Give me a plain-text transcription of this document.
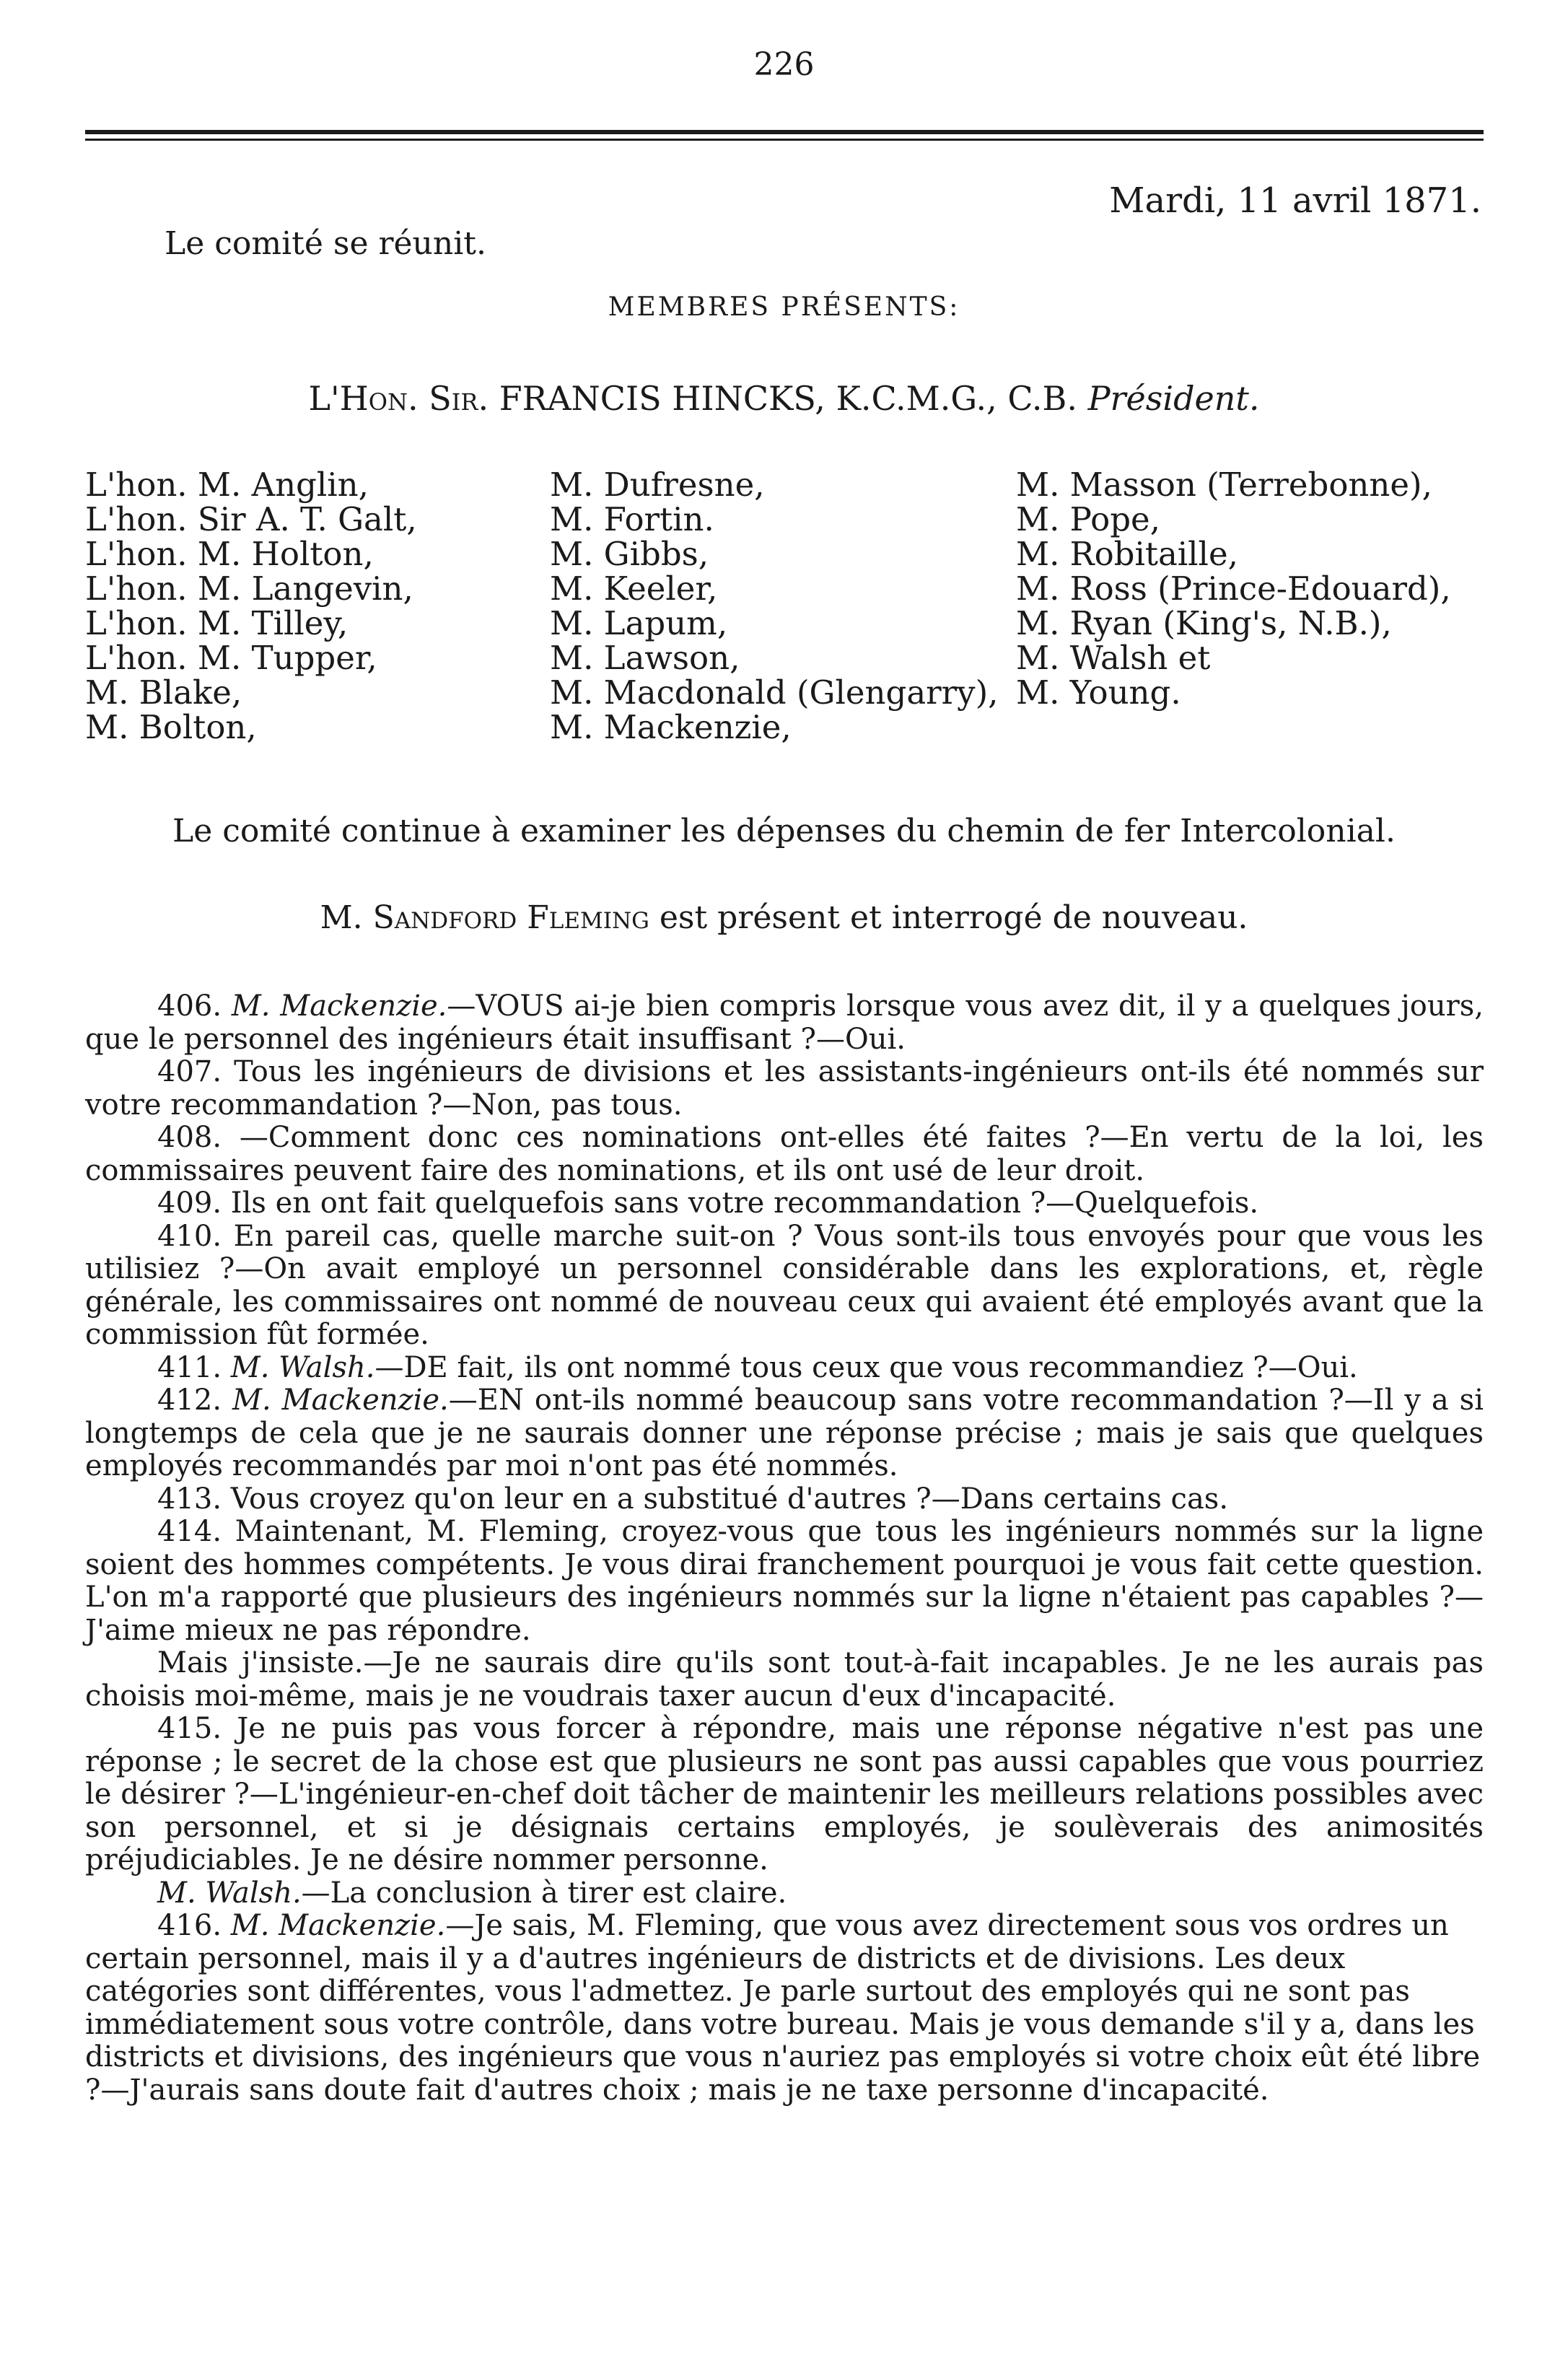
226
Mardi, 11 avril 1871.
Le comité se réunit.
MEMBRES PRÉSENTS:
L'Hon. Sir. FRANCIS HINCKS, K.C.M.G., C.B. Président.
L'hon. M. Anglin,
L'hon. Sir A. T. Galt,
L'hon. M. Holton,
L'hon. M. Langevin,
L'hon. M. Tilley,
L'hon. M. Tupper,
M. Blake,
M. Bolton,
M. Dufresne,
M. Fortin.
M. Gibbs,
M. Keeler,
M. Lapum,
M. Lawson,
M. Macdonald (Glengarry),
M. Mackenzie,
M. Masson (Terrebonne),
M. Pope,
M. Robitaille,
M. Ross (Prince-Edouard),
M. Ryan (King's, N.B.),
M. Walsh et
M. Young.
Le comité continue à examiner les dépenses du chemin de fer Intercolonial.
M. Sandford Fleming est présent et interrogé de nouveau.

406. M. Mackenzie.—VOUS ai-je bien compris lorsque vous avez dit, il y a quelques jours, que le personnel des ingénieurs était insuffisant ?—Oui.

407. Tous les ingénieurs de divisions et les assistants-ingénieurs ont-ils été nommés sur votre recommandation ?—Non, pas tous.

408. —Comment donc ces nominations ont-elles été faites ?—En vertu de la loi, les commissaires peuvent faire des nominations, et ils ont usé de leur droit.

409. Ils en ont fait quelquefois sans votre recommandation ?—Quelquefois.

410. En pareil cas, quelle marche suit-on ? Vous sont-ils tous envoyés pour que vous les utilisiez ?—On avait employé un personnel considérable dans les explorations, et, règle générale, les commissaires ont nommé de nouveau ceux qui avaient été employés avant que la commission fût formée.

411. M. Walsh.—DE fait, ils ont nommé tous ceux que vous recommandiez ?—Oui.

412. M. Mackenzie.—EN ont-ils nommé beaucoup sans votre recommandation ?—Il y a si longtemps de cela que je ne saurais donner une réponse précise ; mais je sais que quelques employés recommandés par moi n'ont pas été nommés.

413. Vous croyez qu'on leur en a substitué d'autres ?—Dans certains cas.

414. Maintenant, M. Fleming, croyez-vous que tous les ingénieurs nommés sur la ligne soient des hommes compétents. Je vous dirai franchement pourquoi je vous fait cette question. L'on m'a rapporté que plusieurs des ingénieurs nommés sur la ligne n'étaient pas capables ?—J'aime mieux ne pas répondre.

Mais j'insiste.—Je ne saurais dire qu'ils sont tout-à-fait incapables. Je ne les aurais pas choisis moi-même, mais je ne voudrais taxer aucun d'eux d'incapacité.

415. Je ne puis pas vous forcer à répondre, mais une réponse négative n'est pas une réponse ; le secret de la chose est que plusieurs ne sont pas aussi capables que vous pourriez le désirer ?—L'ingénieur-en-chef doit tâcher de maintenir les meilleurs relations possibles avec son personnel, et si je désignais certains employés, je soulèverais des animosités préjudiciables. Je ne désire nommer personne.

M. Walsh.—La conclusion à tirer est claire.

416. M. Mackenzie.—Je sais, M. Fleming, que vous avez directement sous vos ordres un certain personnel, mais il y a d'autres ingénieurs de districts et de divisions. Les deux catégories sont différentes, vous l'admettez. Je parle surtout des employés qui ne sont pas immédiatement sous votre contrôle, dans votre bureau. Mais je vous demande s'il y a, dans les districts et divisions, des ingénieurs que vous n'auriez pas employés si votre choix eût été libre ?—J'aurais sans doute fait d'autres choix ; mais je ne taxe personne d'incapacité.
